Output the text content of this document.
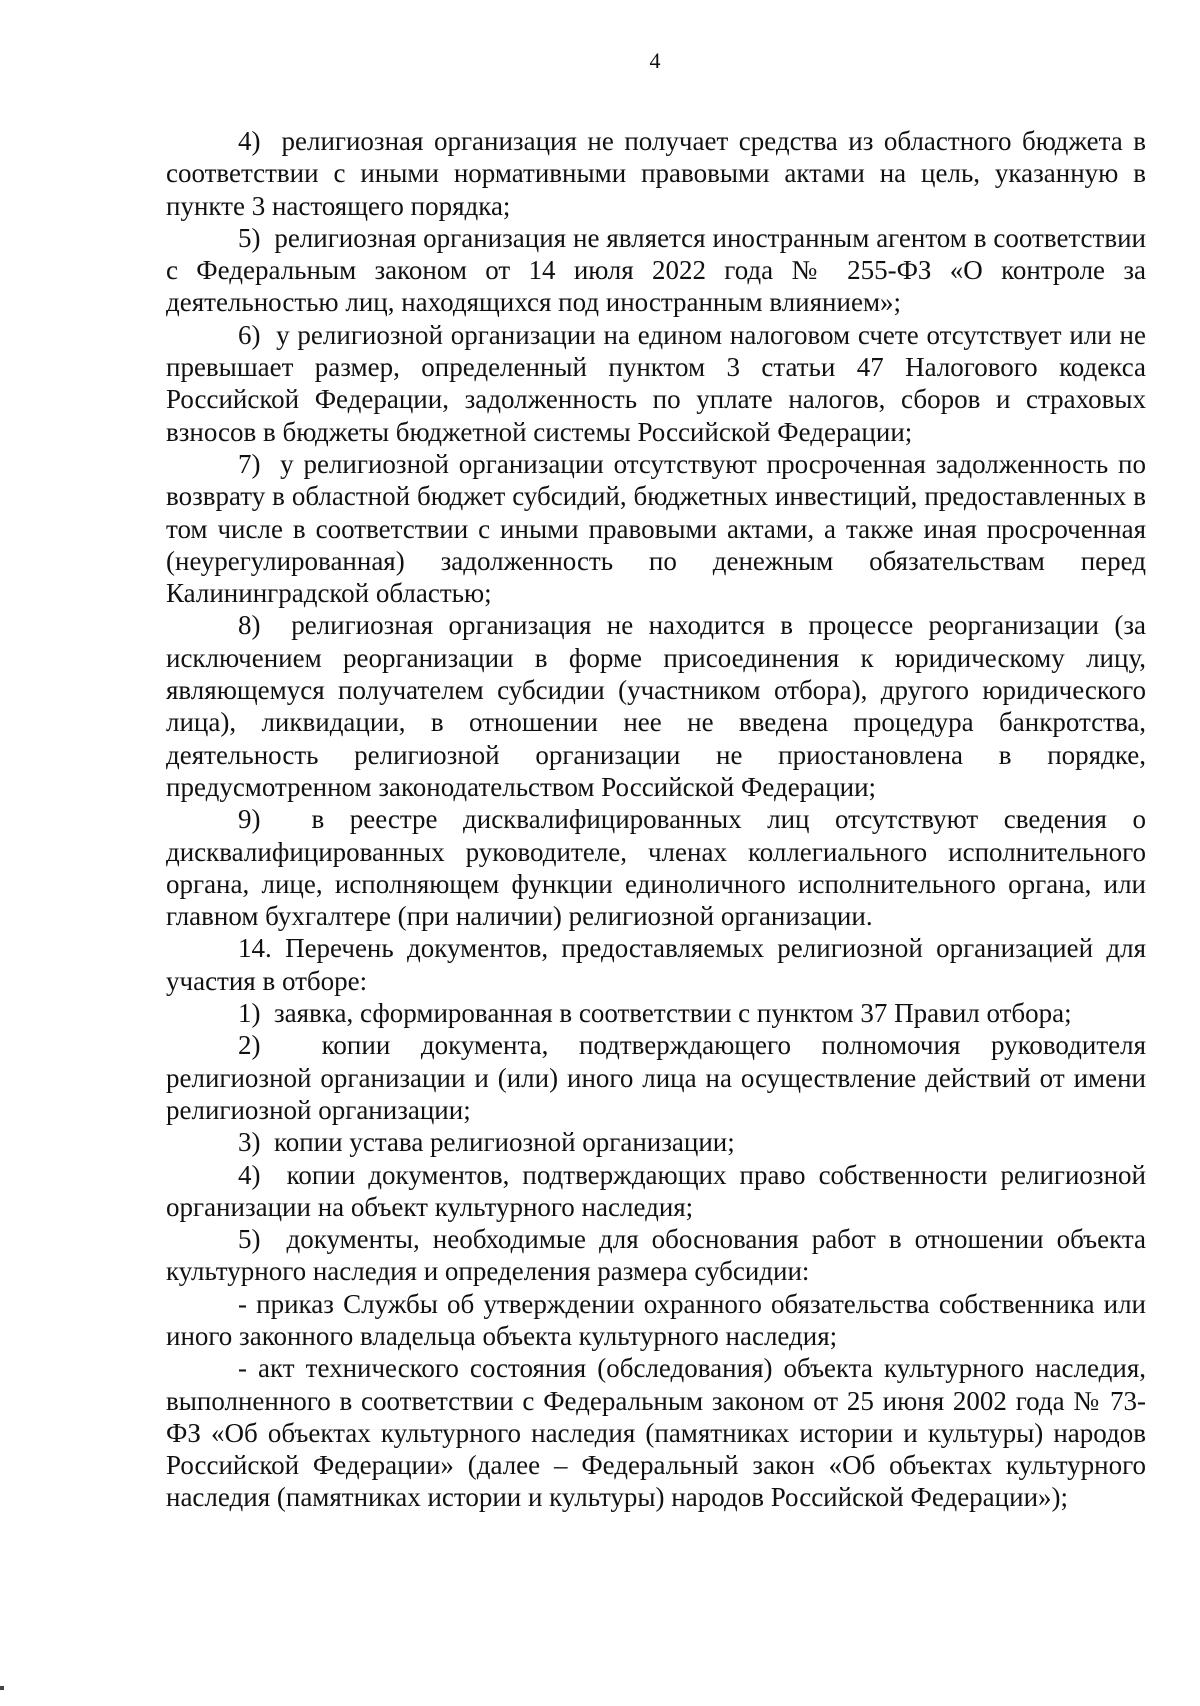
4

4)  религиозная организация не получает средства из областного бюджета в соответствии с иными нормативными правовыми актами на цель, указанную в пункте 3 настоящего порядка;

5)  религиозная организация не является иностранным агентом в соответствии с Федеральным законом от 14 июля 2022 года № 255-ФЗ «О контроле за деятельностью лиц, находящихся под иностранным влиянием»;

6)  у религиозной организации на едином налоговом счете отсутствует или не превышает размер, определенный пунктом 3 статьи 47 Налогового кодекса Российской Федерации, задолженность по уплате налогов, сборов и страховых взносов в бюджеты бюджетной системы Российской Федерации;

7)  у религиозной организации отсутствуют просроченная задолженность по возврату в областной бюджет субсидий, бюджетных инвестиций, предоставленных в том числе в соответствии с иными правовыми актами, а также иная просроченная (неурегулированная) задолженность по денежным обязательствам перед Калининградской областью;

8)  религиозная организация не находится в процессе реорганизации (за исключением реорганизации в форме присоединения к юридическому лицу, являющемуся получателем субсидии (участником отбора), другого юридического лица), ликвидации, в отношении нее не введена процедура банкротства, деятельность религиозной организации не приостановлена в порядке, предусмотренном законодательством Российской Федерации;

9)  в реестре дисквалифицированных лиц отсутствуют сведения о дисквалифицированных руководителе, членах коллегиального исполнительного органа, лице, исполняющем функции единоличного исполнительного органа, или главном бухгалтере (при наличии) религиозной организации.

14. Перечень документов, предоставляемых религиозной организацией для участия в отборе:

1)  заявка, сформированная в соответствии с пунктом 37 Правил отбора;

2)  копии документа, подтверждающего полномочия руководителя религиозной организации и (или) иного лица на осуществление действий от имени религиозной организации;

3)  копии устава религиозной организации;

4)  копии документов, подтверждающих право собственности религиозной организации на объект культурного наследия;

5)  документы, необходимые для обоснования работ в отношении объекта культурного наследия и определения размера субсидии:

- приказ Службы об утверждении охранного обязательства собственника или иного законного владельца объекта культурного наследия;

- акт технического состояния (обследования) объекта культурного наследия, выполненного в соответствии с Федеральным законом от 25 июня 2002 года № 73-ФЗ «Об объектах культурного наследия (памятниках истории и культуры) народов Российской Федерации» (далее – Федеральный закон «Об объектах культурного наследия (памятниках истории и культуры) народов Российской Федерации»);
